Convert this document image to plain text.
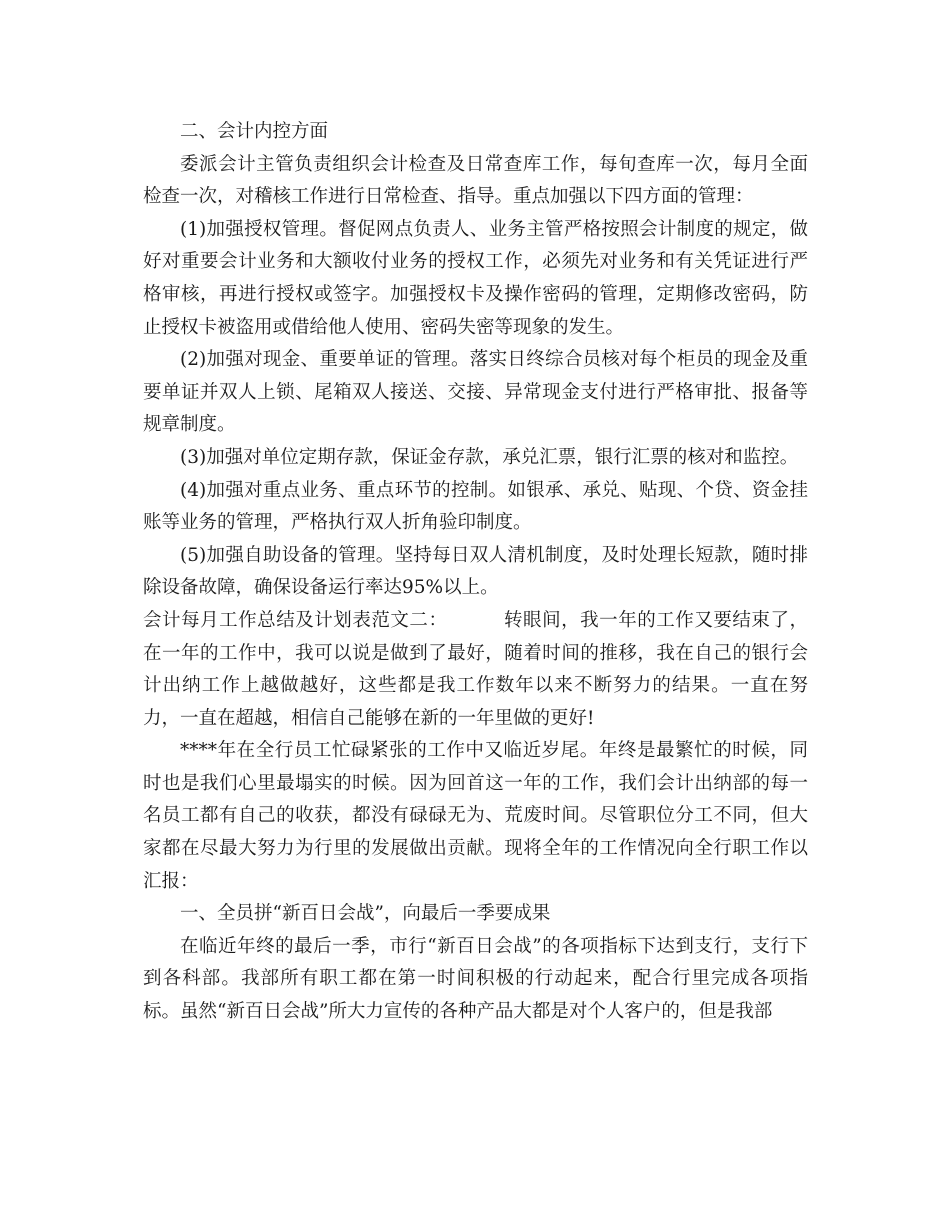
二、会计内控方面

委派会计主管负责组织会计检查及日常查库工作，每旬查库一次，每月全面检查一次，对稽核工作进行日常检查、指导。重点加强以下四方面的管理：

(1)加强授权管理。督促网点负责人、业务主管严格按照会计制度的规定，做好对重要会计业务和大额收付业务的授权工作，必须先对业务和有关凭证进行严格审核，再进行授权或签字。加强授权卡及操作密码的管理，定期修改密码，防止授权卡被盗用或借给他人使用、密码失密等现象的发生。

(2)加强对现金、重要单证的管理。落实日终综合员核对每个柜员的现金及重要单证并双人上锁、尾箱双人接送、交接、异常现金支付进行严格审批、报备等规章制度。

(3)加强对单位定期存款，保证金存款，承兑汇票，银行汇票的核对和监控。

(4)加强对重点业务、重点环节的控制。如银承、承兑、贴现、个贷、资金挂账等业务的管理，严格执行双人折角验印制度。

(5)加强自助设备的管理。坚持每日双人清机制度，及时处理长短款，随时排除设备故障，确保设备运行率达95%以上。

会计每月工作总结及计划表范文二：	转眼间，我一年的工作又要结束了，在一年的工作中，我可以说是做到了最好，随着时间的推移，我在自己的银行会计出纳工作上越做越好，这些都是我工作数年以来不断努力的结果。一直在努力，一直在超越，相信自己能够在新的一年里做的更好!

****年在全行员工忙碌紧张的工作中又临近岁尾。年终是最繁忙的时候，同时也是我们心里最塌实的时候。因为回首这一年的工作，我们会计出纳部的每一名员工都有自己的收获，都没有碌碌无为、荒废时间。尽管职位分工不同，但大家都在尽最大努力为行里的发展做出贡献。现将全年的工作情况向全行职工作以汇报：

一、全员拼“新百日会战”，向最后一季要成果

在临近年终的最后一季，市行“新百日会战”的各项指标下达到支行，支行下到各科部。我部所有职工都在第一时间积极的行动起来，配合行里完成各项指标。虽然“新百日会战”所大力宣传的各种产品大都是对个人客户的，但是我部
